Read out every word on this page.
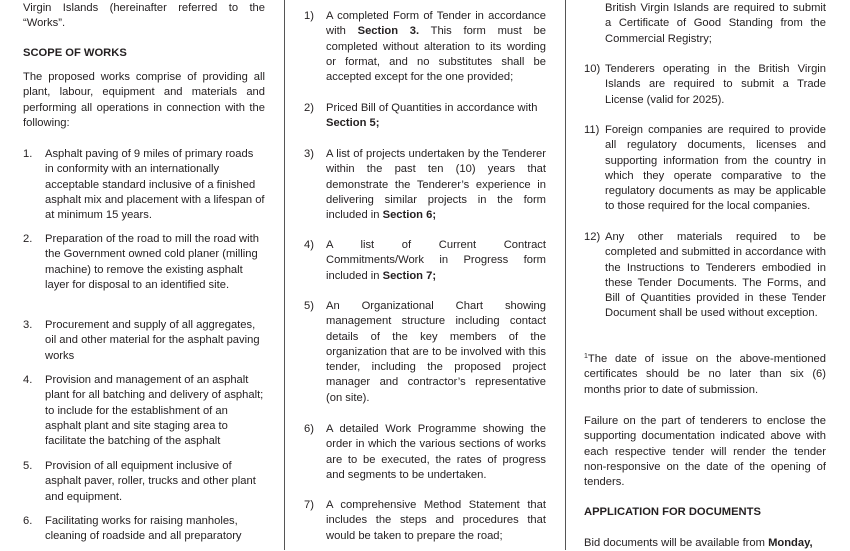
Virgin Islands (hereinafter referred to the “Works”.

SCOPE OF WORKS

The proposed works comprise of providing all plant, labour, equipment and materials and performing all operations in connection with the following:

1. Asphalt paving of 9 miles of primary roads in conformity with an internationally acceptable standard inclusive of a finished asphalt mix and placement with a lifespan of at minimum 15 years.
2. Preparation of the road to mill the road with the Government owned cold planer (milling machine) to remove the existing asphalt layer for disposal to an identified site.
3. Procurement and supply of all aggregates, oil and other material for the asphalt paving works
4. Provision and management of an asphalt plant for all batching and delivery of asphalt; to include for the establishment of an asphalt plant and site staging area to facilitate the batching of the asphalt
5. Provision of all equipment inclusive of asphalt paver, roller, trucks and other plant and equipment.
6. Facilitating works for raising manholes, cleaning of roadside and all preparatory
1) A completed Form of Tender in accordance with Section 3. This form must be completed without alteration to its wording or format, and no substitutes shall be accepted except for the one provided;
2) Priced Bill of Quantities in accordance with Section 5;
3) A list of projects undertaken by the Tenderer within the past ten (10) years that demonstrate the Tenderer’s experience in delivering similar projects in the form included in Section 6;
4) A list of Current Contract Commitments/Work in Progress form included in Section 7;
5) An Organizational Chart showing management structure including contact details of the key members of the organization that are to be involved with this tender, including the proposed project manager and contractor’s representative (on site).
6) A detailed Work Programme showing the order in which the various sections of works are to be executed, the rates of progress and segments to be undertaken.
7) A comprehensive Method Statement that includes the steps and procedures that would be taken to prepare the road;

British Virgin Islands are required to submit a Certificate of Good Standing from the Commercial Registry;

10) Tenderers operating in the British Virgin Islands are required to submit a Trade License (valid for 2025).
11) Foreign companies are required to provide all regulatory documents, licenses and supporting information from the country in which they operate comparative to the regulatory documents as may be applicable to those required for the local companies.
12) Any other materials required to be completed and submitted in accordance with the Instructions to Tenderers embodied in these Tender Documents. The Forms, and Bill of Quantities provided in these Tender Document shall be used without exception.

$^1$The date of issue on the above-mentioned certificates should be no later than six (6) months prior to date of submission.

Failure on the part of tenderers to enclose the supporting documentation indicated above with each respective tender will render the tender non-responsive on the date of the opening of tenders.

APPLICATION FOR DOCUMENTS

Bid documents will be available from Monday,
